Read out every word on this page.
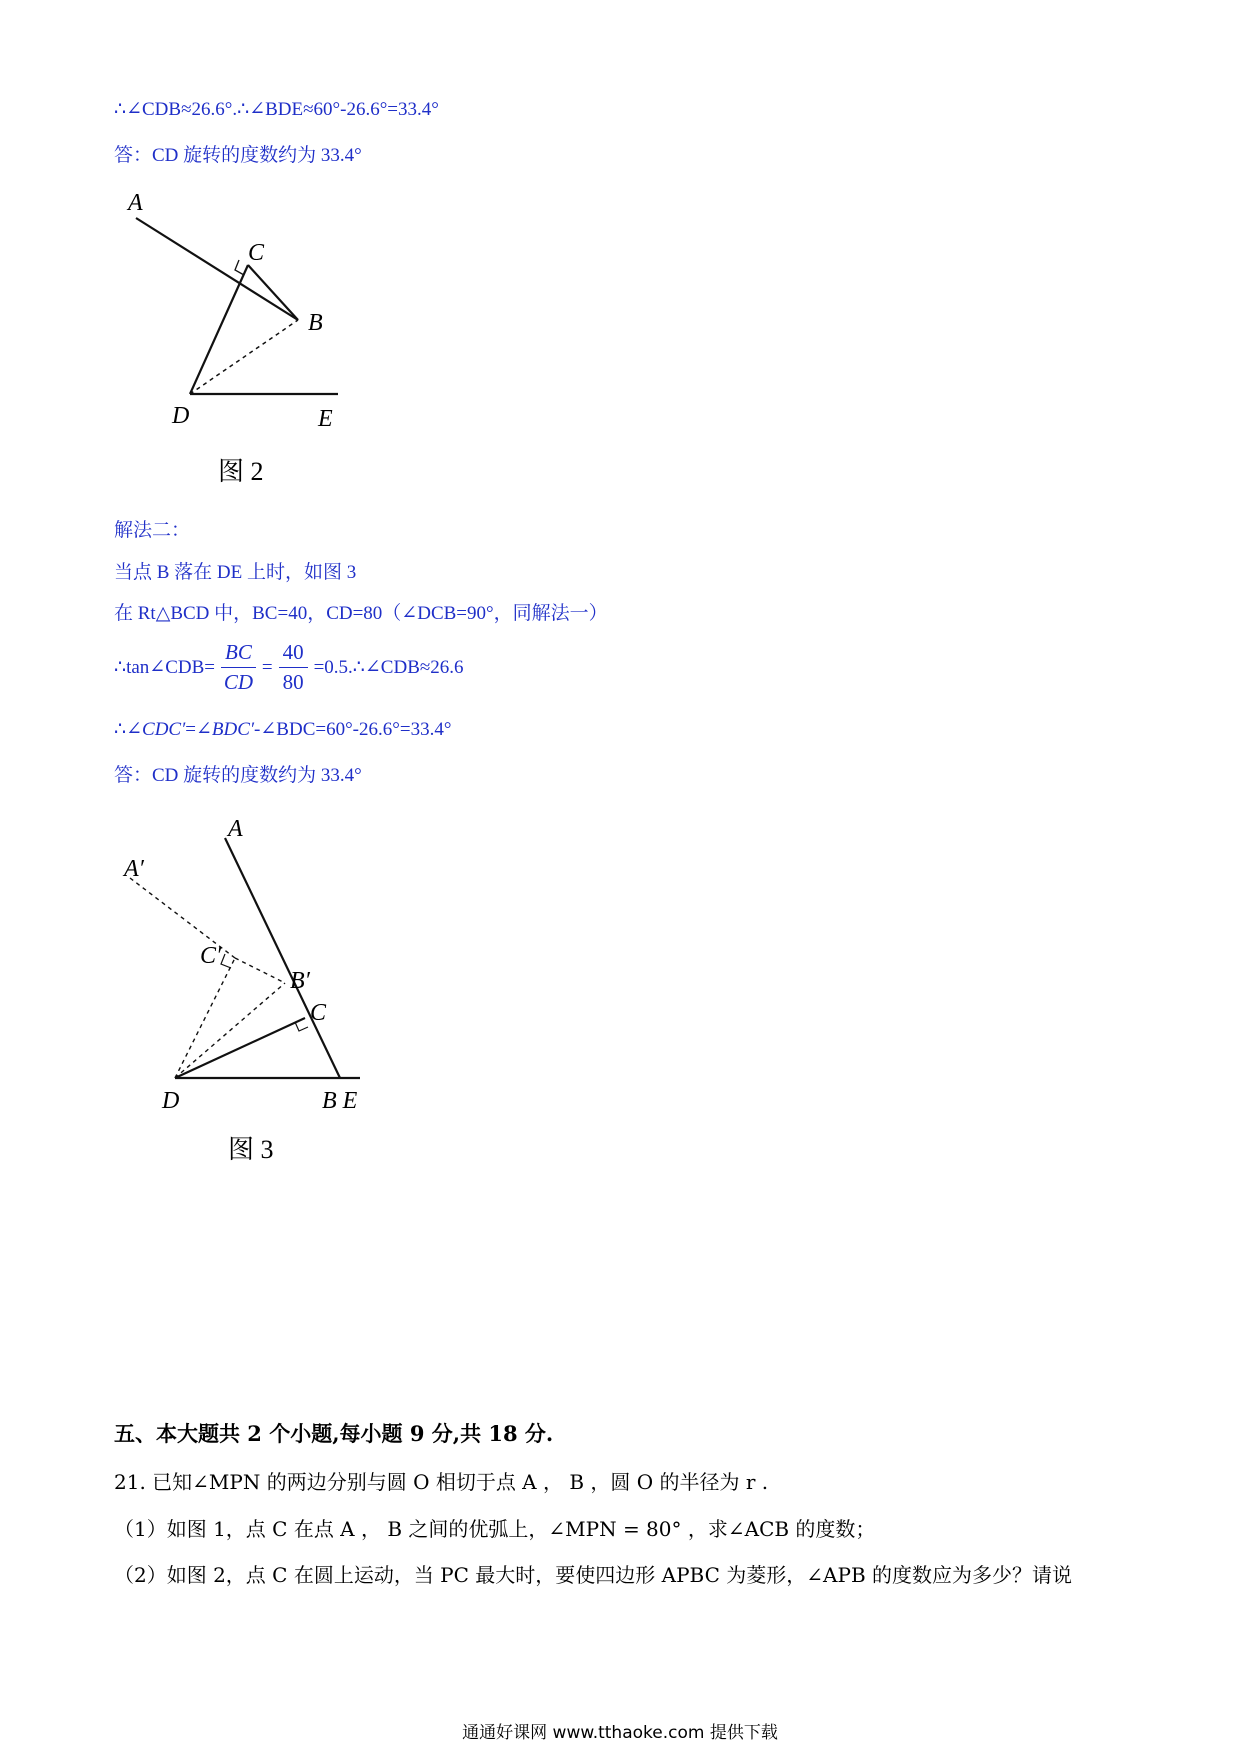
∴∠CDB≈26.6°.∴∠BDE≈60°-26.6°=33.4°
答：CD 旋转的度数约为 33.4°
A
C
B
D	E
图 2
解法二：
当点 B 落在 DE 上时，如图 3
在 Rt△BCD 中，BC=40，CD=80（∠DCB=90°，同解法一）
∴tan∠CDB= $\frac{BC}{CD} = \frac{40}{80}$ =0.5.∴∠CDB≈26.6
∴∠CDC′=∠BDC′-∠BDC=60°-26.6°=33.4°
答：CD 旋转的度数约为 33.4°
A
A′
C′
B′
C
D	B E
图 3
五、本大题共 2 个小题,每小题 9 分,共 18 分.
21. 已知∠MPN 的两边分别与圆 O 相切于点 A ， B ，圆 O 的半径为 r .
（1）如图 1，点 C 在点 A ， B 之间的优弧上，∠MPN = 80° ，求∠ACB 的度数；
（2）如图 2，点 C 在圆上运动，当 PC 最大时，要使四边形 APBC 为菱形，∠APB 的度数应为多少？请说
通通好课网 www.tthaoke.com 提供下载
